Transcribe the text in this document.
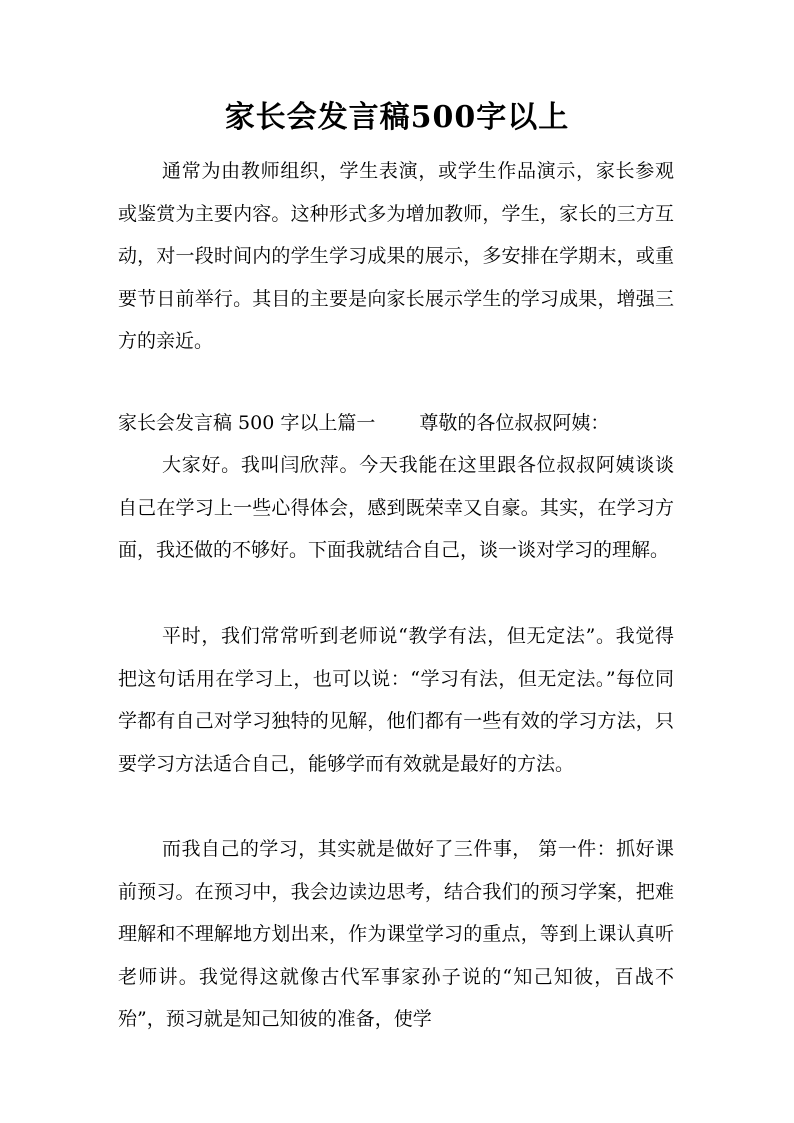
家长会发言稿500字以上

通常为由教师组织，学生表演，或学生作品演示，家长参观或鉴赏为主要内容。这种形式多为增加教师，学生，家长的三方互动，对一段时间内的学生学习成果的展示，多安排在学期末，或重要节日前举行。其目的主要是向家长展示学生的学习成果，增强三方的亲近。

家长会发言稿 500 字以上篇一 尊敬的各位叔叔阿姨：

大家好。我叫闫欣萍。今天我能在这里跟各位叔叔阿姨谈谈自己在学习上一些心得体会，感到既荣幸又自豪。其实，在学习方面，我还做的不够好。下面我就结合自己，谈一谈对学习的理解。

平时，我们常常听到老师说“教学有法，但无定法”。我觉得把这句话用在学习上，也可以说：“学习有法，但无定法。”每位同学都有自己对学习独特的见解，他们都有一些有效的学习方法，只要学习方法适合自己，能够学而有效就是最好的方法。

而我自己的学习，其实就是做好了三件事， 第一件：抓好课前预习。在预习中，我会边读边思考，结合我们的预习学案，把难理解和不理解地方划出来，作为课堂学习的重点，等到上课认真听老师讲。我觉得这就像古代军事家孙子说的“知己知彼，百战不殆”，预习就是知己知彼的准备，使学
